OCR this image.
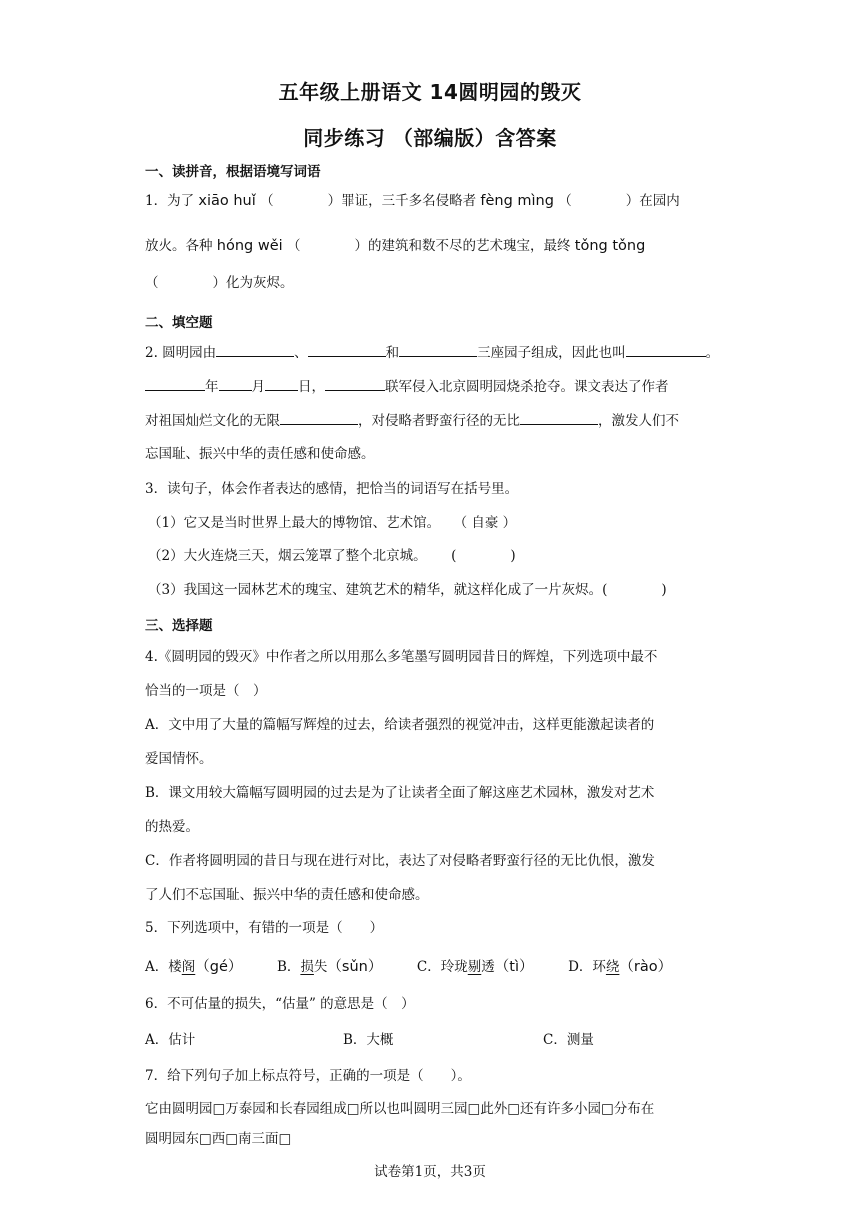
五年级上册语文 14圆明园的毁灭
同步练习 （部编版）含答案
一、读拼音，根据语境写词语
1．为了 xiāo huǐ （　　　　）罪证，三千多名侵略者 fèng mìng （　　　　）在园内
放火。各种 hóng wěi （　　　　）的建筑和数不尽的艺术瑰宝，最终 tǒng tǒng
（　　　　）化为灰烬。
二、填空题
2. 圆明园由	、	和	三座园子组成，因此也叫	。
年 月 日，	联军侵入北京圆明园烧杀抢夺。课文表达了作者
对祖国灿烂文化的无限	，对侵略者野蛮行径的无比	，激发人们不
忘国耻、振兴中华的责任感和使命感。
3．读句子，体会作者表达的感情，把恰当的词语写在括号里。
（1）它又是当时世界上最大的博物馆、艺术馆。　　（ 自豪 ）
（2）大火连烧三天，烟云笼罩了整个北京城。　　 (　　　　)
（3）我国这一园林艺术的瑰宝、建筑艺术的精华，就这样化成了一片灰烬。(　　　　)
三、选择题
4.《圆明园的毁灭》中作者之所以用那么多笔墨写圆明园昔日的辉煌，下列选项中最不
恰当的一项是（　）
A．文中用了大量的篇幅写辉煌的过去，给读者强烈的视觉冲击，这样更能激起读者的
爱国情怀。
B．课文用较大篇幅写圆明园的过去是为了让读者全面了解这座艺术园林，激发对艺术
的热爱。
C．作者将圆明园的昔日与现在进行对比，表达了对侵略者野蛮行径的无比仇恨，激发
了人们不忘国耻、振兴中华的责任感和使命感。
5．下列选项中，有错的一项是（　　）
A．楼阁（gé）	B．损失（sǔn）	C．玲珑剔透（tì）	D．环绕（rào）
6．不可估量的损失，“估量” 的意思是（　）
A．估计	B．大概	C．测量
7．给下列句子加上标点符号，正确的一项是（　　）。
它由圆明园□万泰园和长春园组成□所以也叫圆明三园□此外□还有许多小园□分布在
圆明园东□西□南三面□
试卷第1页，共3页
